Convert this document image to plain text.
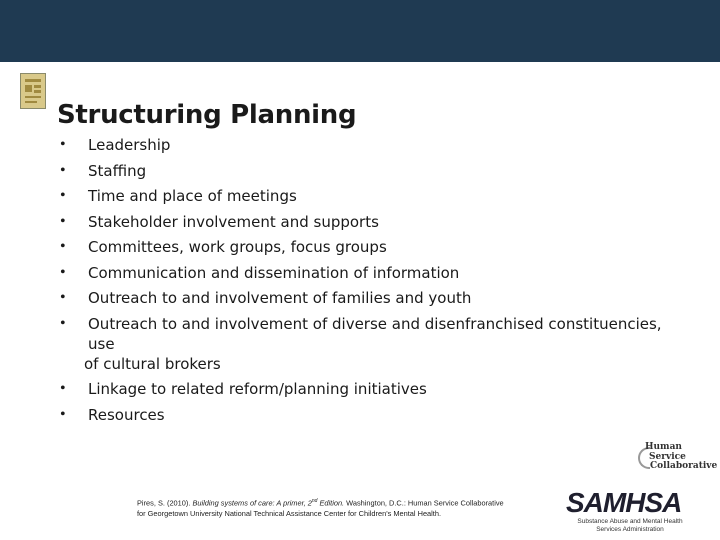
Structuring Planning
• Leadership
• Staffing
• Time and place of meetings
• Stakeholder involvement and supports
• Committees, work groups, focus groups
• Communication and dissemination of information
• Outreach to and involvement of families and youth
• Outreach to and involvement of diverse and disenfranchised constituencies, use
of cultural brokers
• Linkage to related reform/planning initiatives
• Resources
Pires, S. (2010). Building systems of care: A primer, 2nd Edition. Washington, D.C.: Human Service Collaborative
for Georgetown University National Technical Assistance Center for Children's Mental Health.
Human
Service
Collaborative
SAMHSA
Substance Abuse and Mental Health
Services Administration
